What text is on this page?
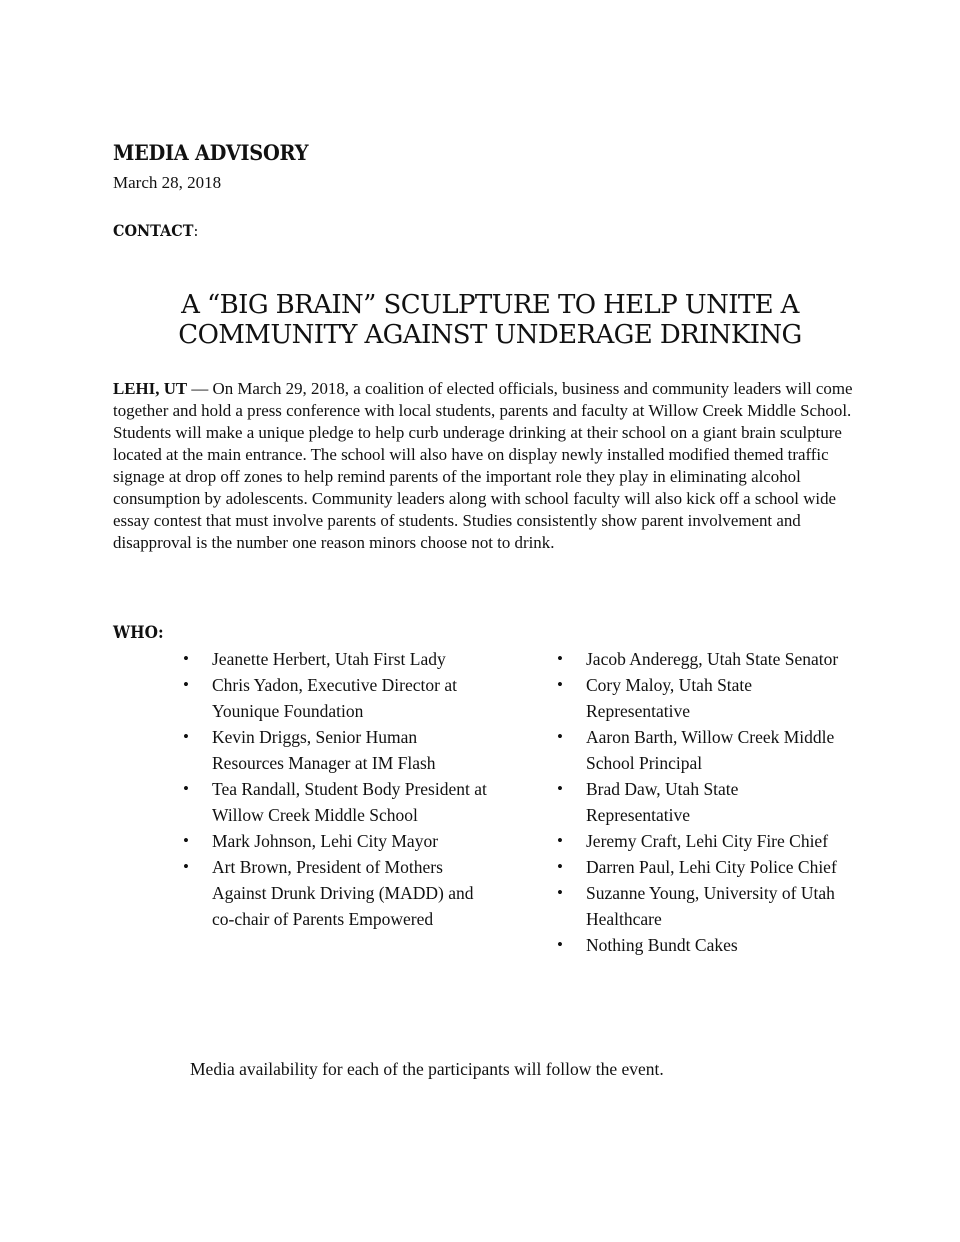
MEDIA ADVISORY
March 28, 2018
CONTACT:
A “BIG BRAIN” SCULPTURE TO HELP UNITE A
COMMUNITY AGAINST UNDERAGE DRINKING
LEHI, UT — On March 29, 2018, a coalition of elected officials, business and community leaders will come together and hold a press conference with local students, parents and faculty at Willow Creek Middle School. Students will make a unique pledge to help curb underage drinking at their school on a giant brain sculpture located at the main entrance. The school will also have on display newly installed modified themed traffic signage at drop off zones to help remind parents of the important role they play in eliminating alcohol consumption by adolescents. Community leaders along with school faculty will also kick off a school wide essay contest that must involve parents of students. Studies consistently show parent involvement and disapproval is the number one reason minors choose not to drink.
WHO:
• Jeanette Herbert, Utah First Lady
• Chris Yadon, Executive Director at Younique Foundation
• Kevin Driggs, Senior Human Resources Manager at IM Flash
• Tea Randall, Student Body President at Willow Creek Middle School
• Mark Johnson, Lehi City Mayor
• Art Brown, President of Mothers Against Drunk Driving (MADD) and co-chair of Parents Empowered
• Jacob Anderegg, Utah State Senator
• Cory Maloy, Utah State Representative
• Aaron Barth, Willow Creek Middle School Principal
• Brad Daw, Utah State Representative
• Jeremy Craft, Lehi City Fire Chief
• Darren Paul, Lehi City Police Chief
• Suzanne Young, University of Utah Healthcare
• Nothing Bundt Cakes
Media availability for each of the participants will follow the event.
